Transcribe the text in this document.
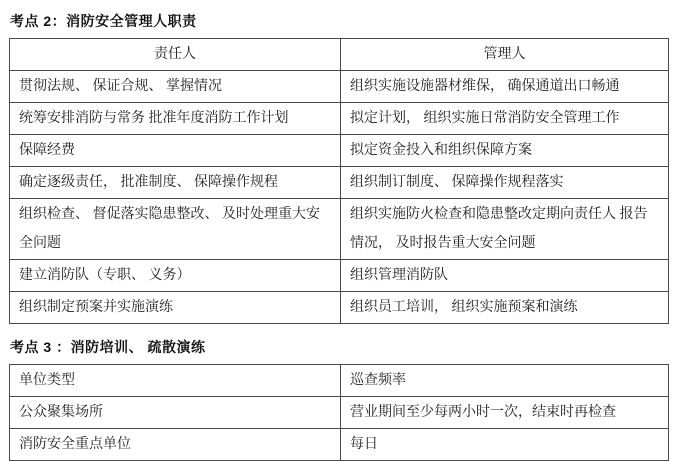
考点 2：消防安全管理人职责
责任人	管理人
贯彻法规、 保证合规、 掌握情况	组织实施设施器材维保， 确保通道出口畅通
统筹安排消防与常务 批准年度消防工作计划	拟定计划， 组织实施日常消防安全管理工作
保障经费	拟定资金投入和组织保障方案
确定逐级责任， 批准制度、 保障操作规程	组织制订制度、 保障操作规程落实
组织检查、 督促落实隐患整改、 及时处理重大安全问题	组织实施防火检查和隐患整改定期向责任人 报告情况， 及时报告重大安全问题
建立消防队（专职、 义务）	组织管理消防队
组织制定预案并实施演练	组织员工培训， 组织实施预案和演练
考点 3 ：消防培训、 疏散演练
单位类型	巡查频率
公众聚集场所	营业期间至少每两小时一次，结束时再检查
消防安全重点单位	每日
